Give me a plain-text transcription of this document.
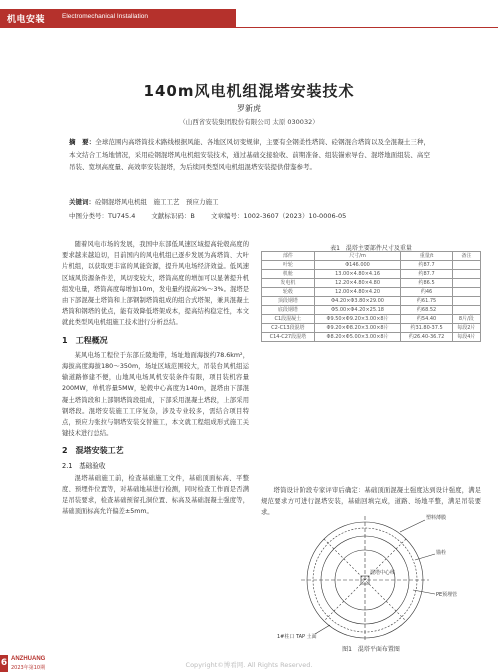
机电安装	Electromechanical Installation
140m风电机组混塔安装技术
罗新虎
（山西省安装集团股份有限公司 太原 030032）
摘　要：全球范围内高塔筒技术路线根据风能、各地区风切变规律，主要有全钢柔性塔筒、砼钢混合塔筒以及全混凝土三种，本文结合工场地情况，采用砼钢混塔风电机组安装技术，通过基础交接验收、前期准备、组装锚索导台、混塔地面组装、高空吊装、宽坝高度量、高效率安装混塔，为后续同类型风电机组混塔安装提供借鉴参考。
关键词：砼钢混塔风电机组　施工工艺　预应力施工
中图分类号：TU745.4 文献标识码：B 文章编号：1002-3607（2023）10-0006-05

随着风电市场的发展，我国中东部低风速区域提高轮毂高度的要求越来越迫切，目前国内的风电机组已逐步发展为高塔筒、大叶片机组，以获取更丰富的风能资源，提升风电场经济效益。低风速区域风资源条件差，风切变较大，塔筒高度的增加可以显著提升机组发电量，塔筒高度每增加10m，发电量约提高2%～3%。混塔是由下部混凝土塔筒和上部钢制塔筒组成的组合式塔架，兼具混凝土塔筒和钢塔的优点，能有效降低塔架成本，提高结构稳定性，本文就此类型风电机组施工技术进行分析总结。

1　工程概况

某风电场工程位于东部丘陵地带，场址地面海拔约78.6km²，海拔高度海拔180～350m，场址区域范围较大，吊装台风机组运输道路修建不便，山地风电场风机安装条件有限，项目装机容量200MW，单机容量5MW，轮毂中心高度为140m，混塔由下部混凝土塔筒段和上部钢塔筒段组成，下部采用混凝土塔段，上部采用钢塔段。混塔安装施工工序复杂，涉及专业较多，需结合项目特点，预应力张拉与钢塔安装交替施工，本文就工程组成形式施工关键技术进行总结。

2　混塔安装工艺
2.1　基础验收

混塔基础施工前，检查基础施工文件，基础顶面标高、平整度、预埋件位置等，对基础地基进行检测，同时检查工作面是否满足吊装要求，检查基础预留孔洞位置、标高及基础混凝土强度等，基础顶面标高允许偏差±5mm。

表1　混塔主要部件尺寸及重量
部件	尺寸/m	重量/t	备注
叶轮	Φ146.000	约87.7	
机舱	13.00×4.80×4.16	约87.7	
发电机	12.20×4.80×4.80	约86.5	
轮毂	12.00×4.80×4.20	约46	
顶段钢塔	Φ4.20×Φ3.80×29.00	约61.75	
底段钢塔	Φ5.00×Φ4.20×25.18	约68.52	
C1段混凝土	Φ9.50×Φ9.20×3.00×8片	约54.40	8片/段
C2-C13段混塔	Φ9.20×Φ8.20×3.00×8片	约31.80-37.5	每段2片
C14-C27段混塔	Φ8.20×Φ5.00×3.00×8片	约26.40-36.72	每段4片

塔筒设计阶段专家评审后确定：基础顶面混凝土强度达到设计强度，满足规范要求方可进行混塔安装，基础回填完成，道路、场地平整，满足吊装要求。

塑料薄膜
锚栓
PE预埋管
混塔中心线
1#柱口 TAP 土面
图1　混塔平面布置图
6 ANZHUANG
2023年第10期	Copyright©博看网. All Rights Reserved.
